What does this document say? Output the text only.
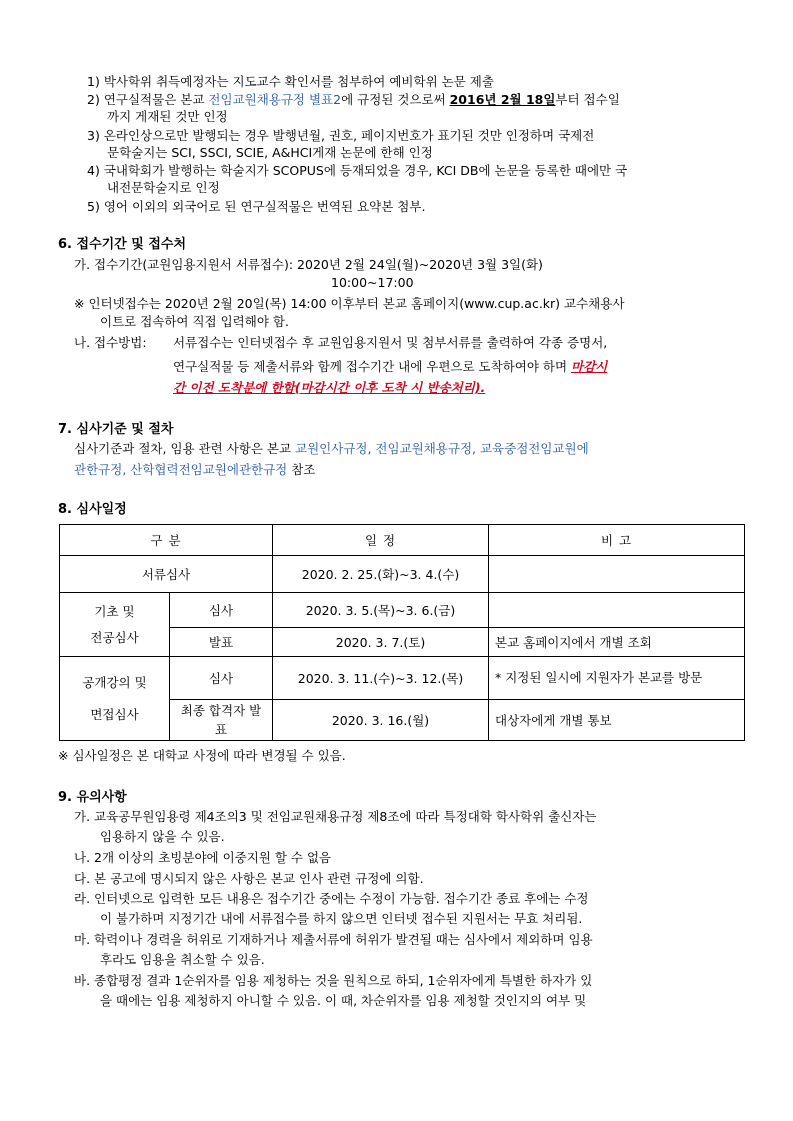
1) 박사학위 취득예정자는 지도교수 확인서를 첨부하여 예비학위 논문 제출
2) 연구실적물은 본교 전임교원채용규정 별표2에 규정된 것으로써 2016년 2월 18일부터 접수일
까지 게재된 것만 인정
3) 온라인상으로만 발행되는 경우 발행년월, 권호, 페이지번호가 표기된 것만 인정하며 국제전
문학술지는 SCI, SSCI, SCIE, A&HCI게재 논문에 한해 인정
4) 국내학회가 발행하는 학술지가 SCOPUS에 등재되었을 경우, KCI DB에 논문을 등록한 때에만 국
내전문학술지로 인정
5) 영어 이외의 외국어로 된 연구실적물은 번역된 요약본 첨부.
6. 접수기간 및 접수처
가. 접수기간(교원임용지원서 서류접수): 2020년 2월 24일(월)~2020년 3월 3일(화)
10:00~17:00
※ 인터넷접수는 2020년 2월 20일(목) 14:00 이후부터 본교 홈페이지(www.cup.ac.kr) 교수채용사
이트로 접속하여 직접 입력해야 함.
나. 접수방법: 서류접수는 인터넷접수 후 교원임용지원서 및 첨부서류를 출력하여 각종 증명서,
연구실적물 등 제출서류와 함께 접수기간 내에 우편으로 도착하여야 하며 마감시
간 이전 도착분에 한함(마감시간 이후 도착 시 반송처리).
7. 심사기준 및 절차
심사기준과 절차, 임용 관련 사항은 본교 교원인사규정, 전임교원채용규정, 교육중점전임교원에
관한규정, 산학협력전임교원에관한규정 참조
8. 심사일정
구 분		일 정	비 고
서류심사		2020. 2. 25.(화)~3. 4.(수)	

기초 및
전공심사	심사	2020. 3. 5.(목)~3. 6.(금)	
	발표	2020. 3. 7.(토)	본교 홈페이지에서 개별 조회

공개강의 및
면접심사	심사	2020. 3. 11.(수)~3. 12.(목)	* 지정된 일시에 지원자가 본교를 방문
	최종 합격자 발표	2020. 3. 16.(월)	대상자에게 개별 통보
※ 심사일정은 본 대학교 사정에 따라 변경될 수 있음.
9. 유의사항
가. 교육공무원임용령 제4조의3 및 전임교원채용규정 제8조에 따라 특정대학 학사학위 출신자는
임용하지 않을 수 있음.
나. 2개 이상의 초빙분야에 이중지원 할 수 없음
다. 본 공고에 명시되지 않은 사항은 본교 인사 관련 규정에 의함.
라. 인터넷으로 입력한 모든 내용은 접수기간 중에는 수정이 가능함. 접수기간 종료 후에는 수정
이 불가하며 지정기간 내에 서류접수를 하지 않으면 인터넷 접수된 지원서는 무효 처리됨.
마. 학력이나 경력을 허위로 기재하거나 제출서류에 허위가 발견될 때는 심사에서 제외하며 임용
후라도 임용을 취소할 수 있음.
바. 종합평정 결과 1순위자를 임용 제청하는 것을 원칙으로 하되, 1순위자에게 특별한 하자가 있
을 때에는 임용 제청하지 아니할 수 있음. 이 때, 차순위자를 임용 제청할 것인지의 여부 및
